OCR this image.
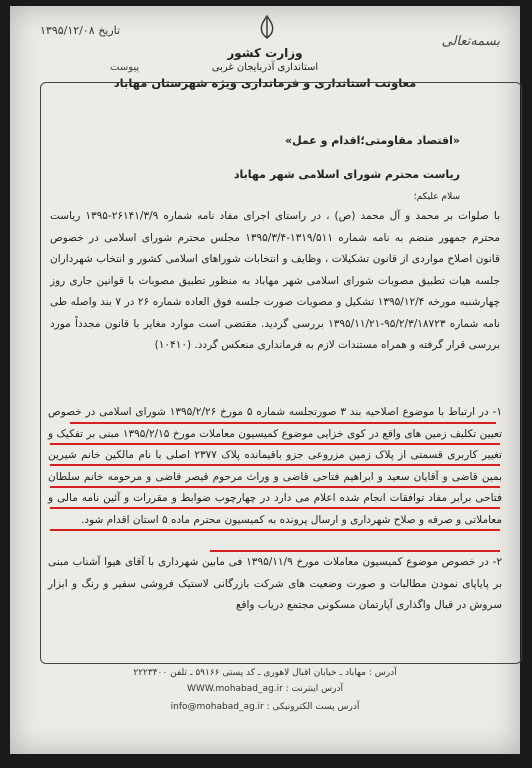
بسمه‌تعالی
تاریخ ۱۳۹۵/۱۲/۰۸
پیوست
وزارت کشور
استانداری آذربایجان غربی
معاونت استانداری و فرمانداری ویژه شهرستان مهاباد
«اقتصاد مقاومتی؛اقدام و عمل»
ریاست محترم شورای اسلامی شهر مهاباد
سلام علیکم؛
با صلوات بر محمد و آل محمد (ص) ، در راستای اجرای مفاد نامه شماره ۲۶۱۴۱/۳/۹-۱۳۹۵ ریاست محترم جمهور منضم به نامه شماره ۱۳۱۹/۵۱۱-۱۳۹۵/۳/۴ مجلس محترم شورای اسلامی در خصوص قانون اصلاح مواردی از قانون تشکیلات ، وظایف و انتخابات شوراهای اسلامی کشور و انتخاب شهرداران جلسه هیات تطبیق مصوبات شورای اسلامی شهر مهاباد به منظور تطبیق مصوبات با قوانین جاری روز چهارشنبه مورخه ۱۳۹۵/۱۲/۴ تشکیل و مصوبات صورت جلسه فوق العاده شماره ۲۶ در ۷ بند واصله طی نامه شماره ۹۵/۲/۳/۱۸۷۲۳-۱۳۹۵/۱۱/۲۱ بررسی گردید. مقتضی است موارد مغایر با قانون مجدداً مورد بررسی قرار گرفته و همراه مستندات لازم به فرمانداری منعکس گردد. (۱۰۴۱۰)
۱- در ارتباط با موضوع اصلاحیه بند ۳ صورتجلسه شماره ۵ مورخ ۱۳۹۵/۲/۲۶ شورای اسلامی در خصوص تعیین تکلیف زمین های واقع در کوی خزایی موضوع کمیسیون معاملات مورخ ۱۳۹۵/۲/۱۵ مبنی بر تفکیک و تغییر کاربری قسمتی از پلاک زمین مزروعی جزو باقیمانده پلاک ۲۳۷۷ اصلی با نام مالکین خانم شیرین بمین قاضی و آقایان سعید و ابراهیم فتاحی قاضی و وراث مرحوم قیصر قاضی و مرحومه خانم سلطان فتاحی برابر مفاد توافقات انجام شده اعلام می دارد در چهارچوب ضوابط و مقررات و آئین نامه مالی و معاملاتی و صرفه و صلاح شهرداری و ارسال پرونده به کمیسیون محترم ماده ۵ استان اقدام شود.
۲- در خصوص موضوع کمیسیون معاملات مورخ ۱۳۹۵/۱۱/۹ فی مابین شهرداری با آقای هیوا آشناب مبنی بر پایاپای نمودن مطالبات و صورت وضعیت های شرکت بازرگانی لاستیک فروشی سفیر و رنگ و ابزار سروش در قبال واگذاری آپارتمان مسکونی مجتمع دریاب واقع
آدرس : مهاباد ـ خیابان اقبال لاهوری ـ کد پستی ۵۹۱۶۶ ـ تلفن ۲۲۲۳۴۰۰
آدرس اینترنت : WWW.mohabad_ag.ir
آدرس پست الکترونیکی : info@mohabad_ag.ir
